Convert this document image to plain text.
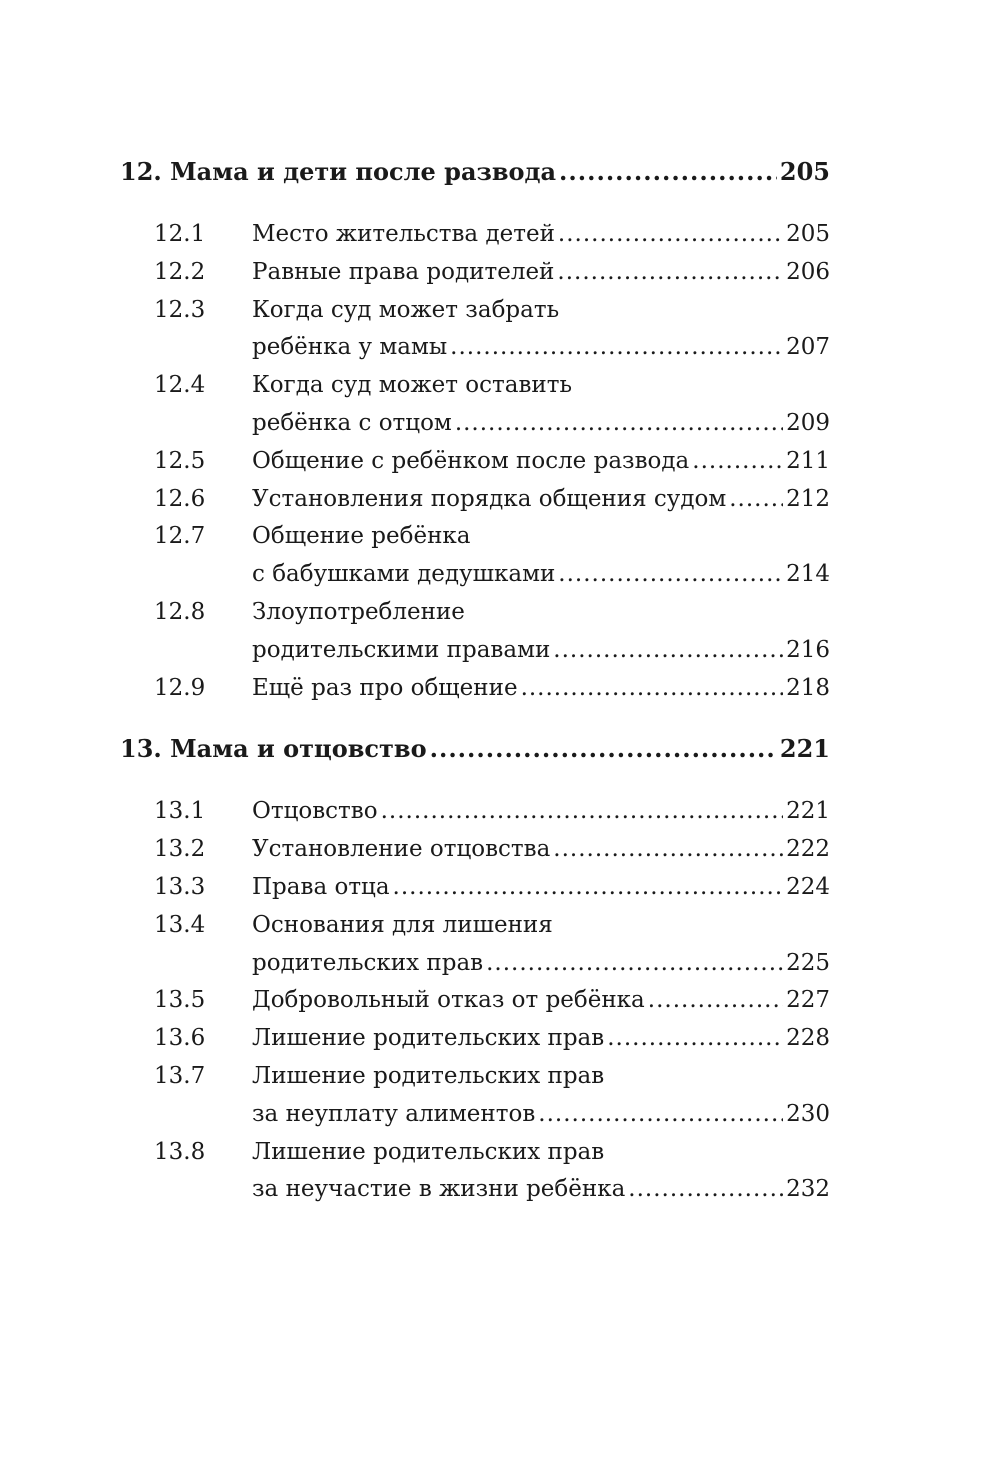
12. Мама и дети после развода .....	205
12.1	Место жительства детей .....	205
12.2	Равные права родителей .....	206
12.3	Когда суд может забрать
ребёнка у мамы .....	207
12.4	Когда суд может оставить
ребёнка с отцом .....	209
12.5	Общение с ребёнком после развода .....	211
12.6	Установления порядка общения судом .....	212
12.7	Общение ребёнка
с бабушками дедушками .....	214
12.8	Злоупотребление
родительскими правами .....	216
12.9	Ещё раз про общение .....	218
13. Мама и отцовство .....	221
13.1	Отцовство .....	221
13.2	Установление отцовства .....	222
13.3	Права отца .....	224
13.4	Основания для лишения
родительских прав .....	225
13.5	Добровольный отказ от ребёнка .....	227
13.6	Лишение родительских прав .....	228
13.7	Лишение родительских прав
за неуплату алиментов .....	230
13.8	Лишение родительских прав
за неучастие в жизни ребёнка .....	232
